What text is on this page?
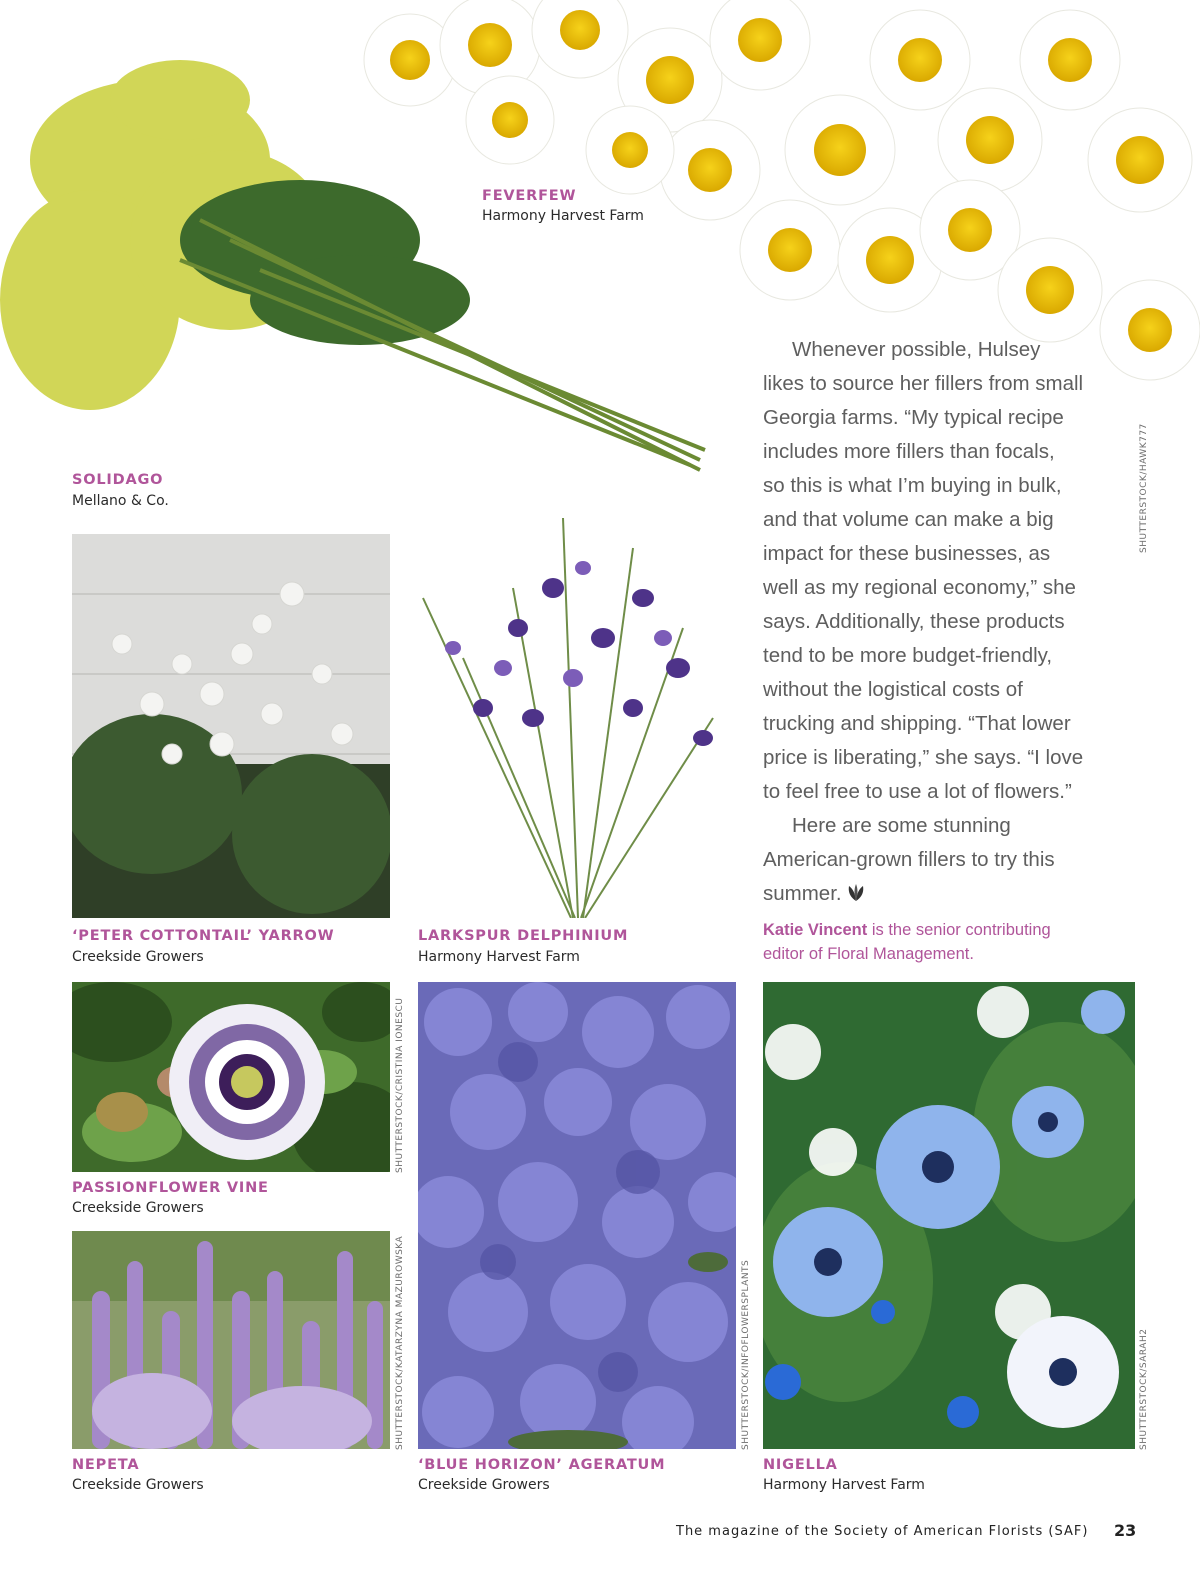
FEVERFEW
Harmony Harvest Farm
SHUTTERSTOCK/HAWK777
SOLIDAGO
Mellano & Co.
‘PETER COTTONTAIL’ YARROW
Creekside Growers
LARKSPUR DELPHINIUM
Harmony Harvest Farm
Whenever possible, Hulsey
likes to source her fillers from small
Georgia farms. “My typical recipe
includes more fillers than focals,
so this is what I’m buying in bulk,
and that volume can make a big
impact for these businesses, as
well as my regional economy,” she
says. Additionally, these products
tend to be more budget-friendly,
without the logistical costs of
trucking and shipping. “That lower
price is liberating,” she says. “I love
to feel free to use a lot of flowers.”
Here are some stunning
American-grown fillers to try this
summer.
Katie Vincent is the senior contributing
editor of Floral Management.
PASSIONFLOWER VINE
Creekside Growers
SHUTTERSTOCK/CRISTINA IONESCU
NEPETA
Creekside Growers
SHUTTERSTOCK/KATARZYNA MAZUROWSKA
‘BLUE HORIZON’ AGERATUM
Creekside Growers
SHUTTERSTOCK/INFOFLOWERSPLANTS
NIGELLA
Harmony Harvest Farm
SHUTTERSTOCK/SARAH2
The magazine of the Society of American Florists (SAF) 23
